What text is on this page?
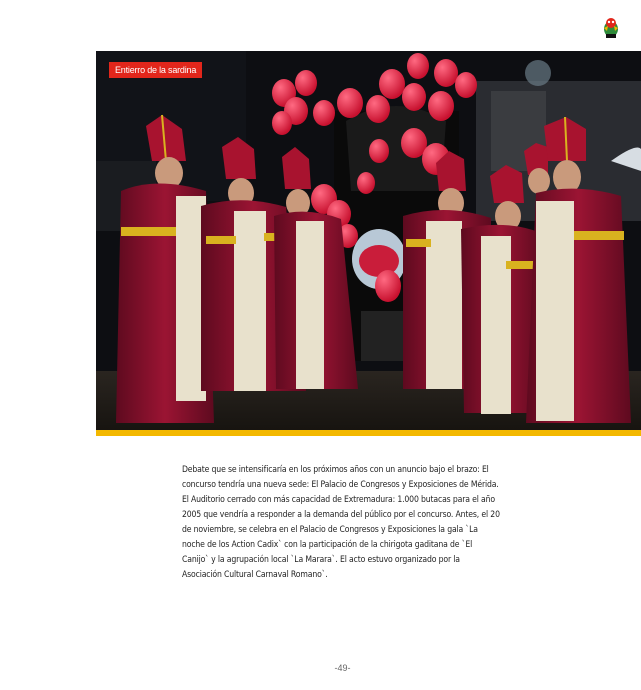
Entierro de la sardina

Debate que se intensificaría en los próximos años con un anuncio bajo el brazo: El concurso tendría una nueva sede: El Palacio de Congresos y Exposiciones de Mérida. El Auditorio cerrado con más capacidad de Extremadura: 1.000 butacas para el año 2005 que vendría a responder a la demanda del público por el concurso. Antes, el 20 de noviembre, se celebra en el Palacio de Congresos y Exposiciones la gala `La noche de los Action Cadix` con la participación de la chirigota gaditana de `El Canijo` y la agrupación local `La Marara`. El acto estuvo organizado por la Asociación Cultural Carnaval Romano`.

-49-
